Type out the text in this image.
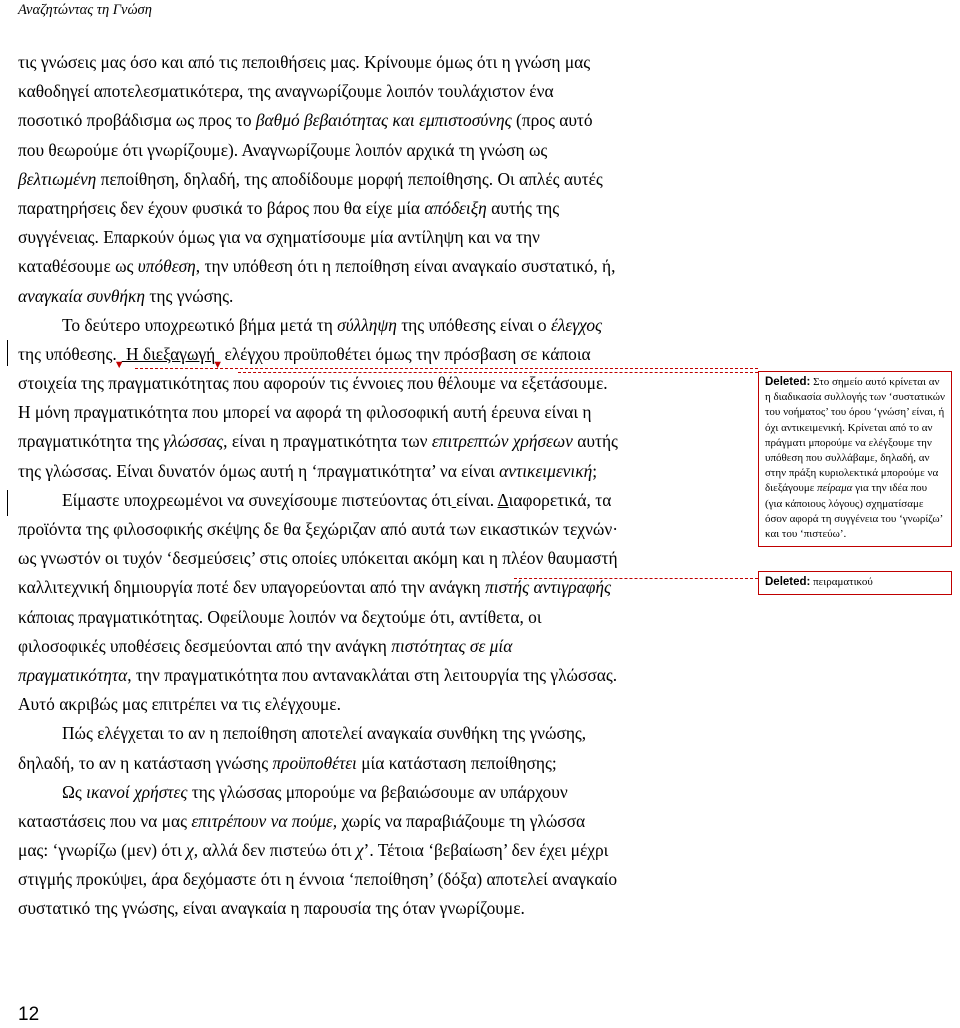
Αναζητώντας τη Γνώση
τις γνώσεις μας όσο και από τις πεποιθήσεις μας. Κρίνουμε όμως ότι η γνώση μας
καθοδηγεί αποτελεσματικότερα, της αναγνωρίζουμε λοιπόν τουλάχιστον ένα
ποσοτικό προβάδισμα ως προς το βαθμό βεβαιότητας και εμπιστοσύνης (προς αυτό
που θεωρούμε ότι γνωρίζουμε). Αναγνωρίζουμε λοιπόν αρχικά τη γνώση ως
βελτιωμένη πεποίθηση, δηλαδή, της αποδίδουμε μορφή πεποίθησης. Οι απλές αυτές
παρατηρήσεις δεν έχουν φυσικά το βάρος που θα είχε μία απόδειξη αυτής της
συγγένειας. Επαρκούν όμως για να σχηματίσουμε μία αντίληψη και να την
καταθέσουμε ως υπόθεση, την υπόθεση ότι η πεποίθηση είναι αναγκαίο συστατικό, ή,
αναγκαία συνθήκη της γνώσης.
Το δεύτερο υποχρεωτικό βήμα μετά τη σύλληψη της υπόθεσης είναι ο έλεγχος
της $\upsilon\pi ό\theta\varepsilon\sigma\eta\varsigma._▼$ Η διεξαγωγή$_▼$ ελέγχου προϋποθέτει όμως την πρόσβαση σε κάποια
στοιχεία της πραγματικότητας που αφορούν τις έννοιες που θέλουμε να εξετάσουμε.
Η μόνη πραγματικότητα που μπορεί να αφορά τη φιλοσοφική αυτή έρευνα είναι η
πραγματικότητα της γλώσσας, είναι η πραγματικότητα των επιτρεπτών χρήσεων αυτής
της γλώσσας. Είναι δυνατόν όμως αυτή η ‘πραγματικότητα’ να είναι αντικειμενική;
Είμαστε υποχρεωμένοι να συνεχίσουμε πιστεύοντας ότι είναι. Διαφορετικά, τα
προϊόντα της φιλοσοφικής σκέψης δε θα ξεχώριζαν από αυτά των εικαστικών τεχνών·
ως γνωστόν οι τυχόν ‘δεσμεύσεις’ στις οποίες υπόκειται ακόμη και η πλέον θαυμαστή
καλλιτεχνική δημιουργία ποτέ δεν υπαγορεύονται από την ανάγκη πιστής αντιγραφής
κάποιας πραγματικότητας. Οφείλουμε λοιπόν να δεχτούμε ότι, αντίθετα, οι
φιλοσοφικές υποθέσεις δεσμεύονται από την ανάγκη πιστότητας σε μία
πραγματικότητα, την πραγματικότητα που αντανακλάται στη λειτουργία της γλώσσας.
Αυτό ακριβώς μας επιτρέπει να τις ελέγχουμε.
Πώς ελέγχεται το αν η πεποίθηση αποτελεί αναγκαία συνθήκη της γνώσης,
δηλαδή, το αν η κατάσταση γνώσης προϋποθέτει μία κατάσταση πεποίθησης;
Ως ικανοί χρήστες της γλώσσας μπορούμε να βεβαιώσουμε αν υπάρχουν
καταστάσεις που να μας επιτρέπουν να πούμε, χωρίς να παραβιάζουμε τη γλώσσα
μας: ‘γνωρίζω (μεν) ότι χ, αλλά δεν πιστεύω ότι χ’. Τέτοια ‘βεβαίωση’ δεν έχει μέχρι
στιγμής προκύψει, άρα δεχόμαστε ότι η έννοια ‘πεποίθηση’ (δόξα) αποτελεί αναγκαίο
συστατικό της γνώσης, είναι αναγκαία η παρουσία της όταν γνωρίζουμε.
Deleted: Στο σημείο αυτό κρίνεται αν η διαδικασία συλλογής των ‘συστατικών του νοήματος’ του όρου ‘γνώση’ είναι, ή όχι αντικειμενική. Κρίνεται από το αν πράγματι μπορούμε να ελέγξουμε την υπόθεση που συλλάβαμε, δηλαδή, αν στην πράξη κυριολεκτικά μπορούμε να διεξάγουμε πείραμα για την ιδέα που (για κάποιους λόγους) σχηματίσαμε όσον αφορά τη συγγένεια του ‘γνωρίζω’ και του ‘πιστεύω’.
Deleted: πειραματικού
12
